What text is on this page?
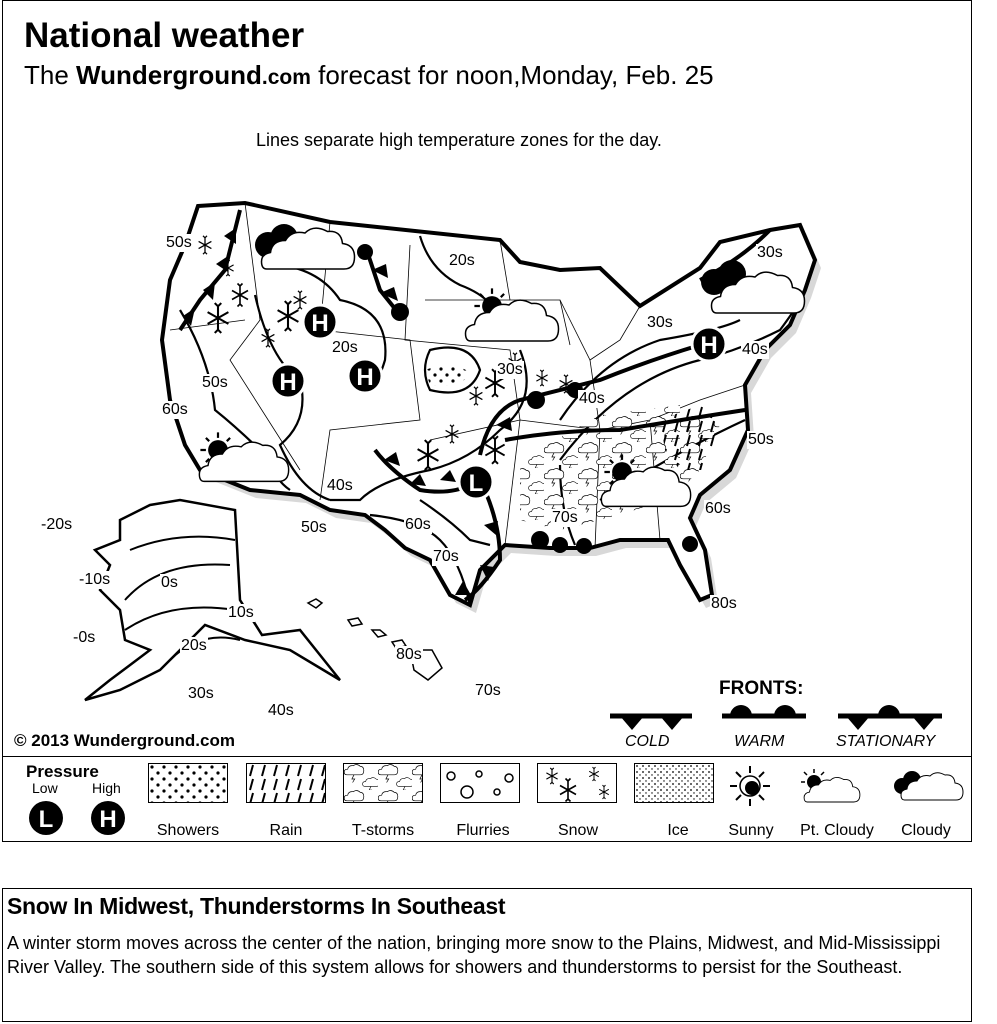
National weather
The Wunderground.com forecast for noon,Monday, Feb. 25
Lines separate high temperature zones for the day.
H
H H
H
L
50s
20s	30s
30s
40s
20s
50s
60s
30s
40s
50s
40s
50s	60s
70s
70s
60s
80s
-20s
-10s	0s
-0s
10s
20s
30s
40s
80s
70s
© 2013 Wunderground.com
FRONTS:
COLD	WARM	STATIONARY
Pressure
Low High
L H	Showers	Rain	T-storms	Flurries	Snow	Ice	Sunny	Pt. Cloudy	Cloudy
Snow In Midwest, Thunderstorms In Southeast

A winter storm moves across the center of the nation, bringing more snow to the Plains, Midwest, and Mid-Mississippi River Valley. The southern side of this system allows for showers and thunderstorms to persist for the Southeast.
